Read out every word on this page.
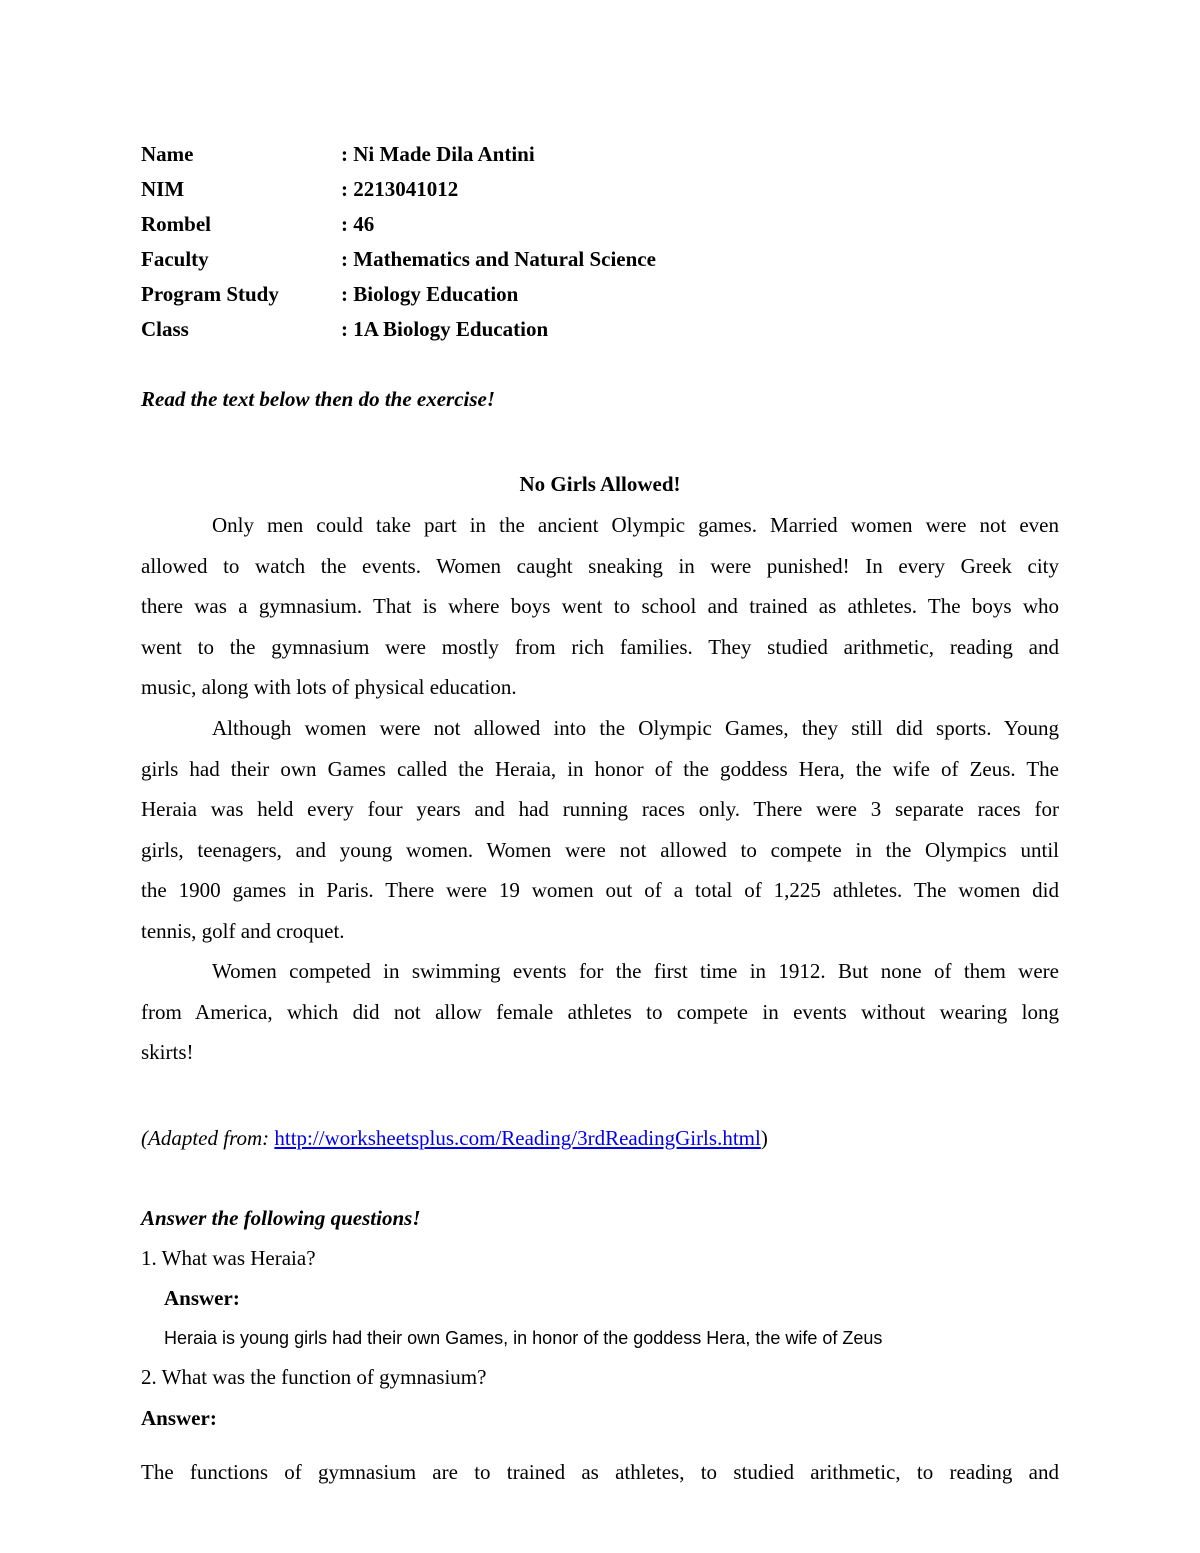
Name	: Ni Made Dila Antini
NIM	: 2213041012
Rombel	: 46
Faculty	: Mathematics and Natural Science
Program Study	: Biology Education
Class	: 1A Biology Education
Read the text below then do the exercise!
No Girls Allowed!
Only men could take part in the ancient Olympic games. Married women were not even
allowed to watch the events. Women caught sneaking in were punished! In every Greek city
there was a gymnasium. That is where boys went to school and trained as athletes. The boys who
went to the gymnasium were mostly from rich families. They studied arithmetic, reading and
music, along with lots of physical education.
Although women were not allowed into the Olympic Games, they still did sports. Young
girls had their own Games called the Heraia, in honor of the goddess Hera, the wife of Zeus. The
Heraia was held every four years and had running races only. There were 3 separate races for
girls, teenagers, and young women. Women were not allowed to compete in the Olympics until
the 1900 games in Paris. There were 19 women out of a total of 1,225 athletes. The women did
tennis, golf and croquet.
Women competed in swimming events for the first time in 1912. But none of them were
from America, which did not allow female athletes to compete in events without wearing long
skirts!
(Adapted from: http://worksheetsplus.com/Reading/3rdReadingGirls.html)
Answer the following questions!
1. What was Heraia?
Answer:
Heraia is young girls had their own Games, in honor of the goddess Hera, the wife of Zeus
2. What was the function of gymnasium?
Answer:
The functions of gymnasium are to trained as athletes, to studied arithmetic, to reading and
